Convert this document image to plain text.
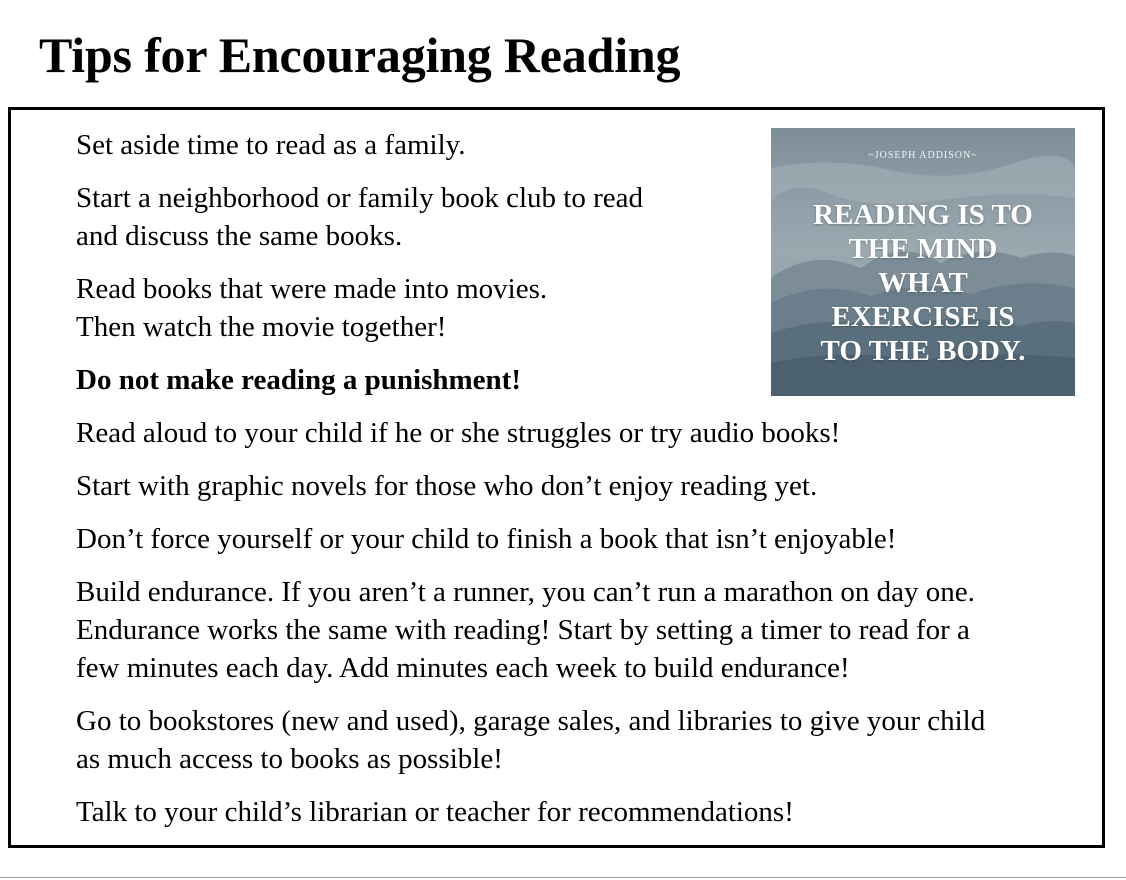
Tips for Encouraging Reading
~JOSEPH ADDISON~
READING IS TO
THE MIND
WHAT
EXERCISE IS
TO THE BODY.
Set aside time to read as a family.
Start a neighborhood or family book club to read
and discuss the same books.
Read books that were made into movies.
Then watch the movie together!
Do not make reading a punishment!
Read aloud to your child if he or she struggles or try audio books!
Start with graphic novels for those who don’t enjoy reading yet.
Don’t force yourself or your child to finish a book that isn’t enjoyable!
Build endurance. If you aren’t a runner, you can’t run a marathon on day one.
Endurance works the same with reading! Start by setting a timer to read for a
few minutes each day. Add minutes each week to build endurance!
Go to bookstores (new and used), garage sales, and libraries to give your child
as much access to books as possible!
Talk to your child’s librarian or teacher for recommendations!
